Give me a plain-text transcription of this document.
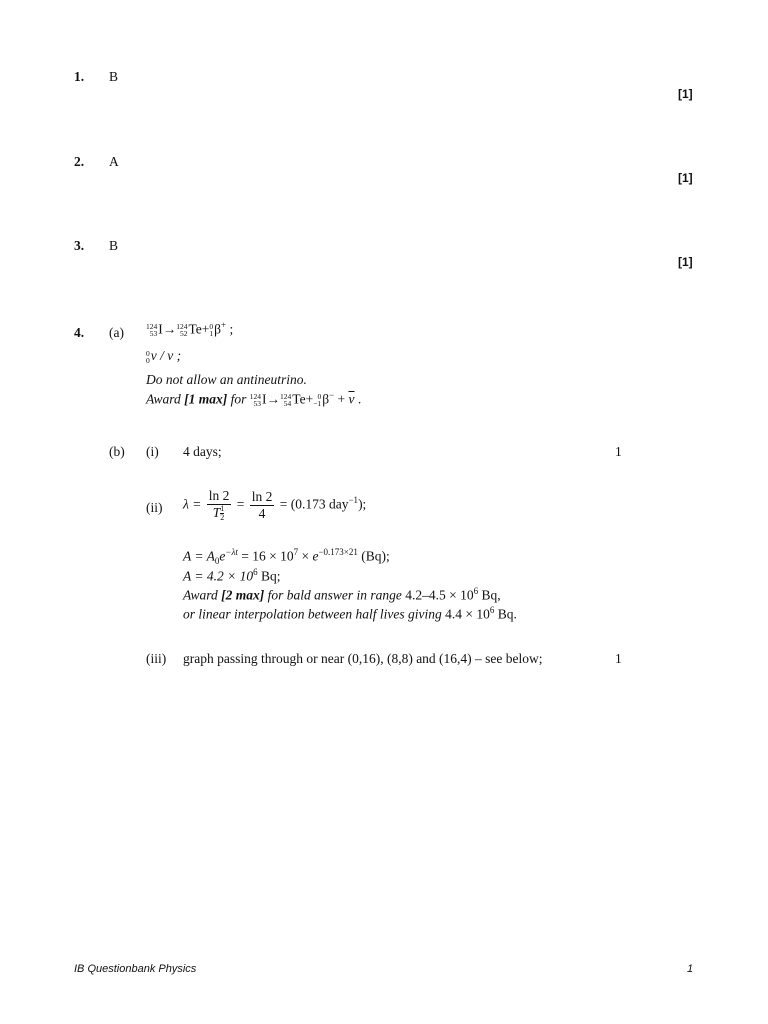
1. B
[1]
2. A
[1]
3. B
[1]
4. (a)	124
53 I→ 124
52 Te+ 0
1 β+ ;
0
0 v / v ;
Do not allow an antineutrino.
Award [1 max] for 124
53 I→ 124
54 Te+ 0
−1 $\beta^- + \overline{v}$ .
(b) (i) 4 days;	1
(ii) $\lambda = \frac{\ln 2}{T \frac{1}{2}} = \frac{\ln 2}{4} = (0.173$ day$^{-1}$);
$A = A_0e^{-\lambda t} = 16 \times 10^7 \times e^{-0.173\times 21}$ (Bq);
$A = 4.2 \times 10^6$ Bq;
Award [2 max] for bald answer in range $4.2-4.5 \times 10^6$ Bq,
or linear interpolation between half lives giving $4.4 \times 10^6$ Bq.
(iii) graph passing through or near (0,16), (8,8) and (16,4) – see below;	1
IB Questionbank Physics	1
